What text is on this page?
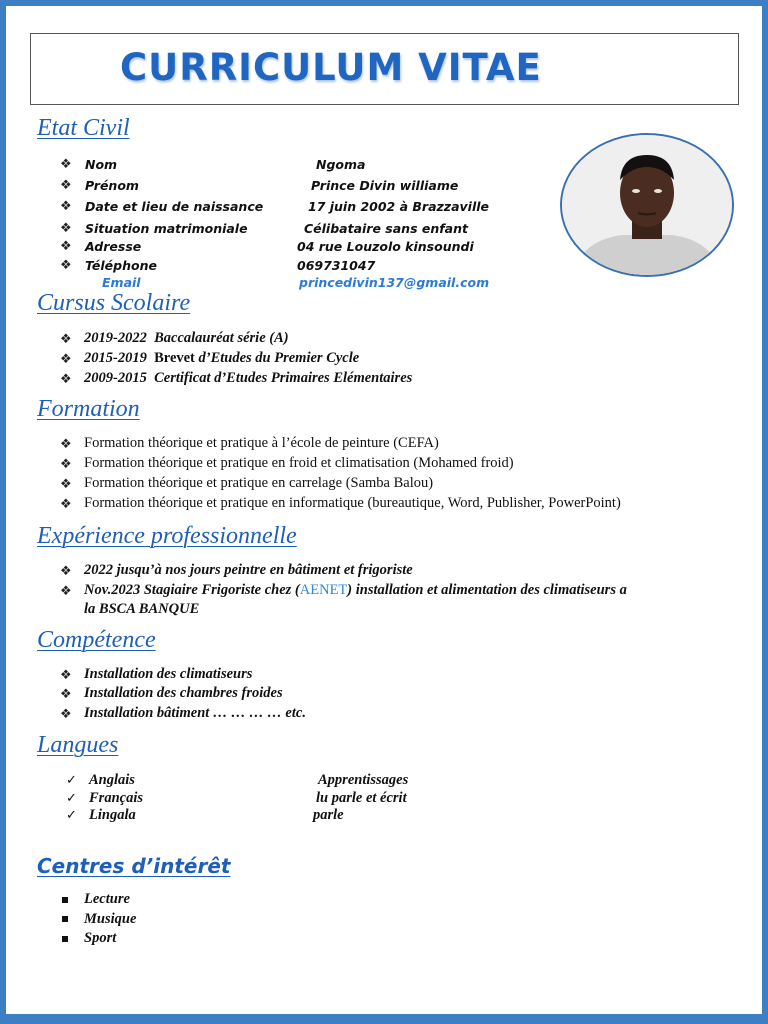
CURRICULUM VITAE
Etat Civil
❖ Nom	Ngoma
❖ Prénom	Prince Divin williame
❖ Date et lieu de naissance	17 juin 2002 à Brazzaville
❖ Situation matrimoniale	Célibataire sans enfant
❖ Adresse	04 rue Louzolo kinsoundi
❖ Téléphone	069731047
Email	princedivin137@gmail.com
Cursus Scolaire
❖ 2019-2022 Baccalauréat série (A)
❖ 2015-2019 Brevet d’Etudes du Premier Cycle
❖ 2009-2015 Certificat d’Etudes Primaires Elémentaires
Formation
❖ Formation théorique et pratique à l’école de peinture (CEFA)
❖ Formation théorique et pratique en froid et climatisation (Mohamed froid)
❖ Formation théorique et pratique en carrelage (Samba Balou)
❖ Formation théorique et pratique en informatique (bureautique, Word, Publisher, PowerPoint)
Expérience professionnelle
❖ 2022 jusqu’à nos jours peintre en bâtiment et frigoriste
❖ Nov.2023 Stagiaire Frigoriste chez (AENET) installation et alimentation des climatiseurs a
la BSCA BANQUE
Compétence
❖ Installation des climatiseurs
❖ Installation des chambres froides
❖ Installation bâtiment … … … … etc.
Langues
✓ Anglais	Apprentissages
✓ Français	lu parle et écrit
✓ Lingala	parle
Centres d’intérêt
Lecture
Musique
Sport
